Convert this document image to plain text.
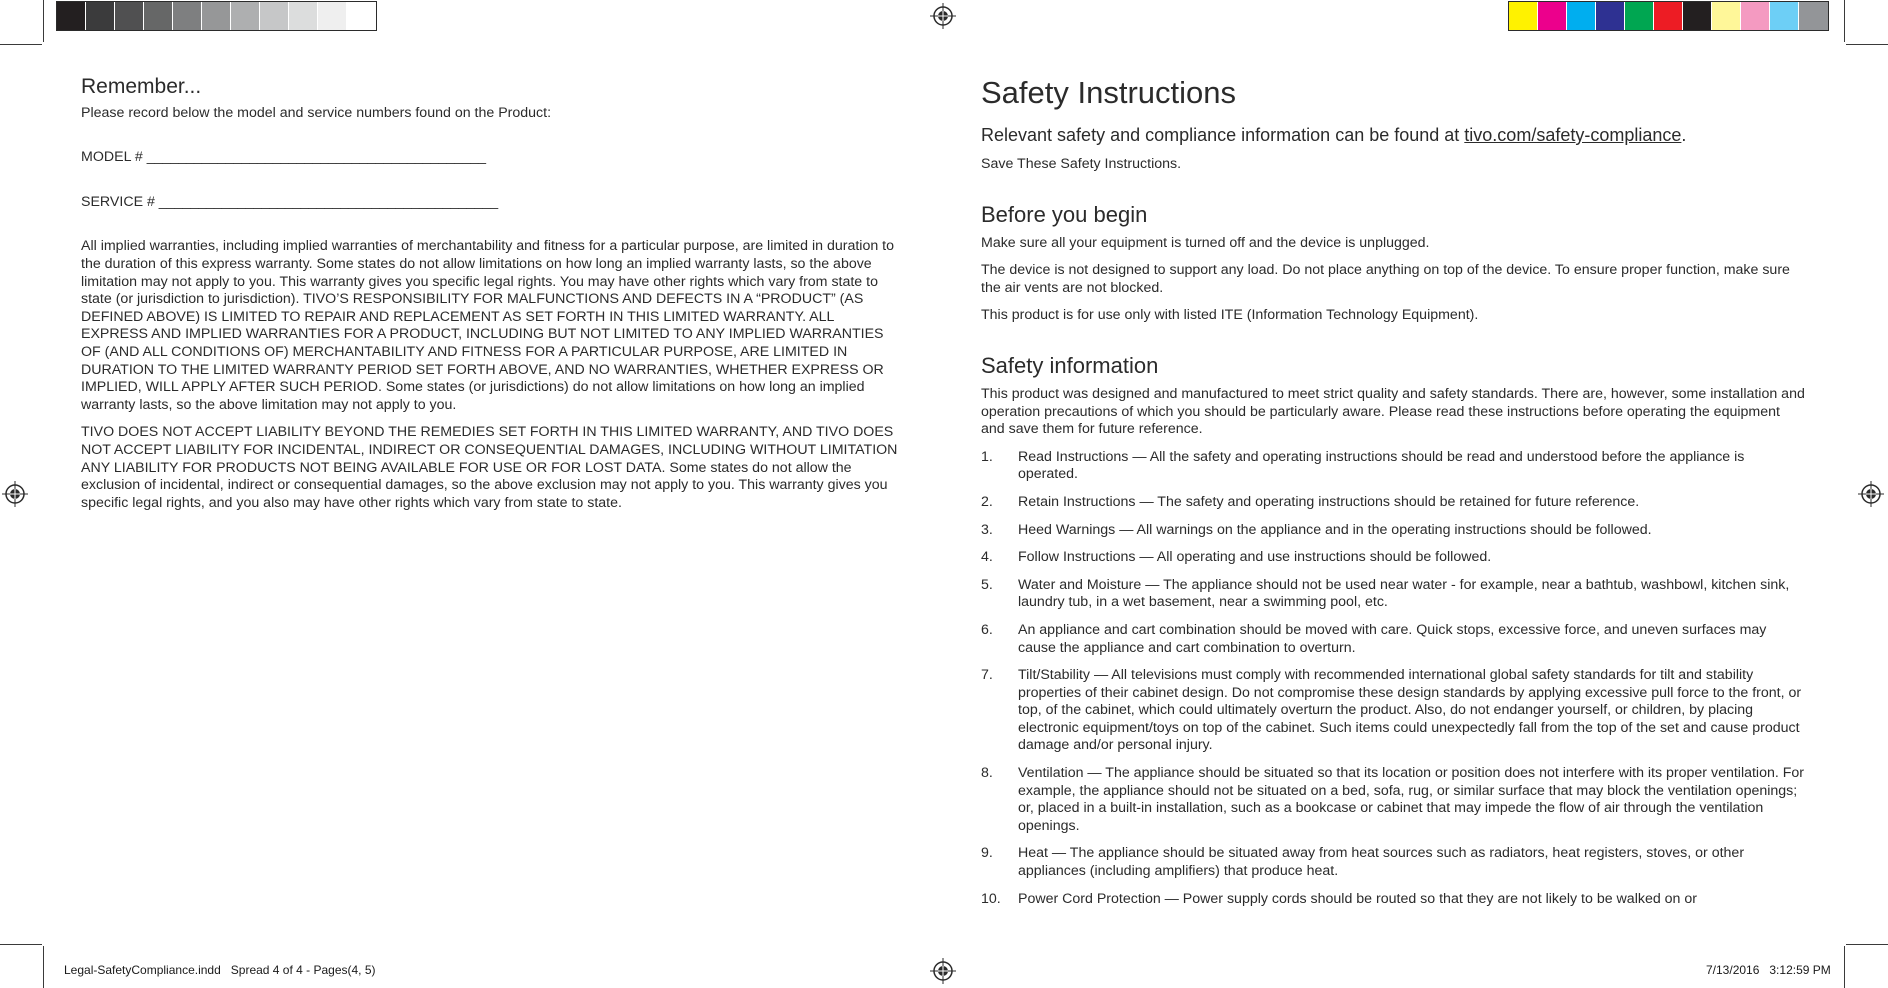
Remember...

Please record below the model and service numbers found on the Product:

MODEL # ___________________________________________

SERVICE # ___________________________________________

All implied warranties, including implied warranties of merchantability and fitness for a particular purpose, are limited in duration to the duration of this express warranty. Some states do not allow limitations on how long an implied warranty lasts, so the above limitation may not apply to you. This warranty gives you specific legal rights. You may have other rights which vary from state to state (or jurisdiction to jurisdiction). TIVO’S RESPONSIBILITY FOR MALFUNCTIONS AND DEFECTS IN A “PRODUCT” (AS DEFINED ABOVE) IS LIMITED TO REPAIR AND REPLACEMENT AS SET FORTH IN THIS LIMITED WARRANTY. ALL EXPRESS AND IMPLIED WARRANTIES FOR A PRODUCT, INCLUDING BUT NOT LIMITED TO ANY IMPLIED WARRANTIES OF (AND ALL CONDITIONS OF) MERCHANTABILITY AND FITNESS FOR A PARTICULAR PURPOSE, ARE LIMITED IN DURATION TO THE LIMITED WARRANTY PERIOD SET FORTH ABOVE, AND NO WARRANTIES, WHETHER EXPRESS OR IMPLIED, WILL APPLY AFTER SUCH PERIOD. Some states (or jurisdictions) do not allow limitations on how long an implied warranty lasts, so the above limitation may not apply to you.

TIVO DOES NOT ACCEPT LIABILITY BEYOND THE REMEDIES SET FORTH IN THIS LIMITED WARRANTY, AND TIVO DOES NOT ACCEPT LIABILITY FOR INCIDENTAL, INDIRECT OR CONSEQUENTIAL DAMAGES, INCLUDING WITHOUT LIMITATION ANY LIABILITY FOR PRODUCTS NOT BEING AVAILABLE FOR USE OR FOR LOST DATA. Some states do not allow the exclusion of incidental, indirect or consequential damages, so the above exclusion may not apply to you. This warranty gives you specific legal rights, and you also may have other rights which vary from state to state.

Safety Instructions

Relevant safety and compliance information can be found at tivo.com/safety-compliance.

Save These Safety Instructions.

Before you begin

Make sure all your equipment is turned off and the device is unplugged.

The device is not designed to support any load. Do not place anything on top of the device. To ensure proper function, make sure the air vents are not blocked.

This product is for use only with listed ITE (Information Technology Equipment).

Safety information

This product was designed and manufactured to meet strict quality and safety standards. There are, however, some installation and operation precautions of which you should be particularly aware. Please read these instructions before operating the equipment and save them for future reference.

1. Read Instructions — All the safety and operating instructions should be read and understood before the appliance is operated.
2. Retain Instructions — The safety and operating instructions should be retained for future reference.
3. Heed Warnings — All warnings on the appliance and in the operating instructions should be followed.
4. Follow Instructions — All operating and use instructions should be followed.
5. Water and Moisture — The appliance should not be used near water - for example, near a bathtub, washbowl, kitchen sink, laundry tub, in a wet basement, near a swimming pool, etc.
6. An appliance and cart combination should be moved with care. Quick stops, excessive force, and uneven surfaces may cause the appliance and cart combination to overturn.
7. Tilt/Stability — All televisions must comply with recommended international global safety standards for tilt and stability properties of their cabinet design. Do not compromise these design standards by applying excessive pull force to the front, or top, of the cabinet, which could ultimately overturn the product. Also, do not endanger yourself, or children, by placing electronic equipment/toys on top of the cabinet. Such items could unexpectedly fall from the top of the set and cause product damage and/or personal injury.
8. Ventilation — The appliance should be situated so that its location or position does not interfere with its proper ventilation. For example, the appliance should not be situated on a bed, sofa, rug, or similar surface that may block the ventilation openings; or, placed in a built-in installation, such as a bookcase or cabinet that may impede the flow of air through the ventilation openings.
9. Heat — The appliance should be situated away from heat sources such as radiators, heat registers, stoves, or other appliances (including amplifiers) that produce heat.
10. Power Cord Protection — Power supply cords should be routed so that they are not likely to be walked on or
Legal-SafetyCompliance.indd   Spread 4 of 4 - Pages(4, 5)	7/13/2016   3:12:59 PM
